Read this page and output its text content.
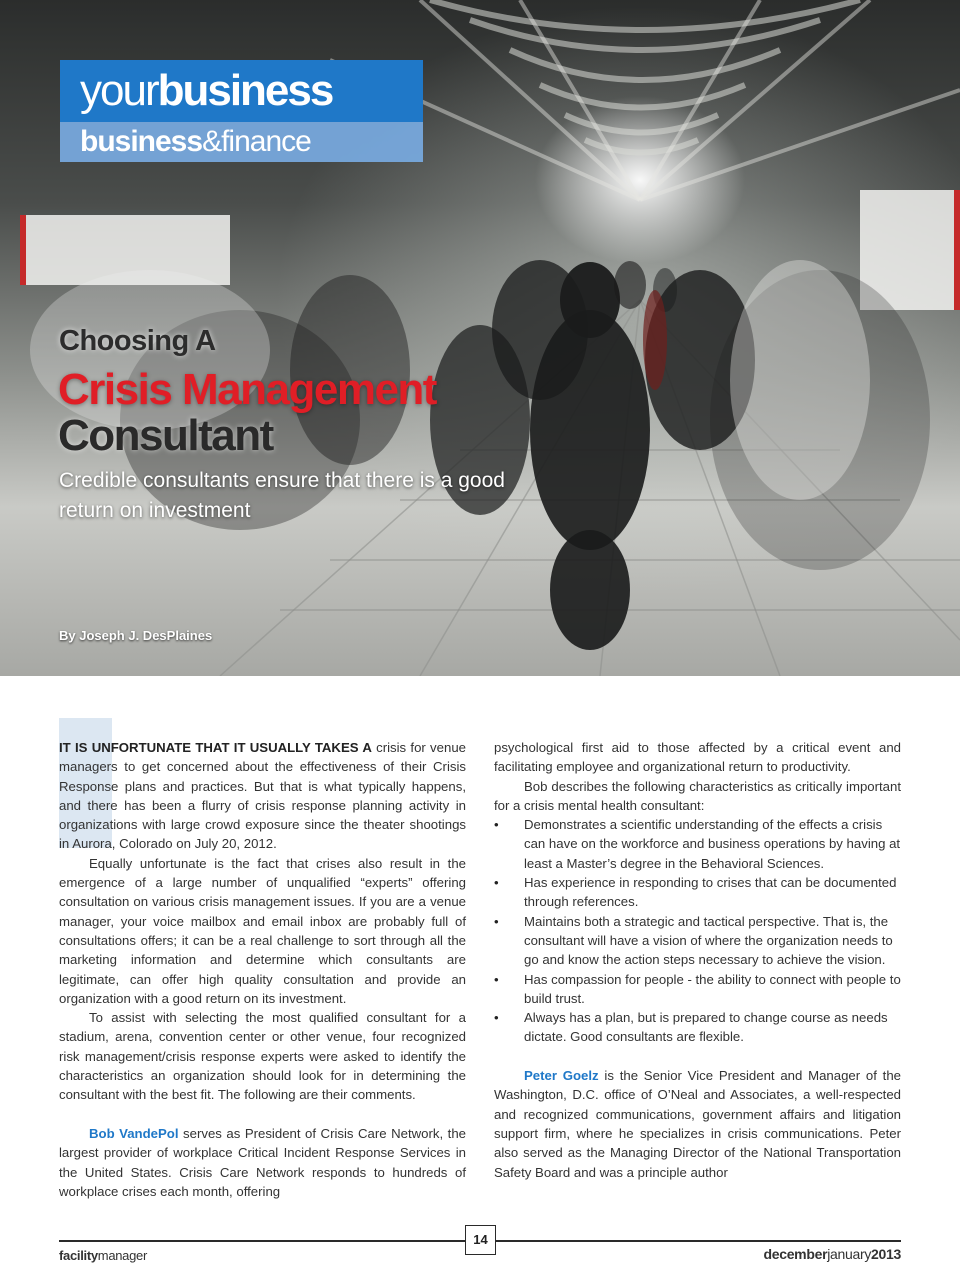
yourbusiness
business&finance
Choosing A
Crisis Management
Consultant
Credible consultants ensure that there is a good return on investment
By Joseph J. DesPlaines

IT IS UNFORTUNATE THAT IT USUALLY TAKES A crisis for venue managers to get concerned about the effectiveness of their Crisis Response plans and practices. But that is what typically happens, and there has been a flurry of crisis response planning activity in organizations with large crowd exposure since the theater shootings in Aurora, Colorado on July 20, 2012.

Equally unfortunate is the fact that crises also result in the emergence of a large number of unqualified “experts” offering consultation on various crisis management issues. If you are a venue manager, your voice mailbox and email inbox are probably full of consultations offers; it can be a real challenge to sort through all the marketing information and determine which consultants are legitimate, can offer high quality consultation and provide an organization with a good return on its investment.

To assist with selecting the most qualified consultant for a stadium, arena, convention center or other venue, four recognized risk management/crisis response experts were asked to identify the characteristics an organization should look for in determining the consultant with the best fit. The following are their comments.

Bob VandePol serves as President of Crisis Care Network, the largest provider of workplace Critical Incident Response Services in the United States. Crisis Care Network responds to hundreds of workplace crises each month, offering

psychological first aid to those affected by a critical event and facilitating employee and organizational return to productivity.

Bob describes the following characteristics as critically important for a crisis mental health consultant:

• Demonstrates a scientific understanding of the effects a crisis can have on the workforce and business operations by having at least a Master’s degree in the Behavioral Sciences.
• Has experience in responding to crises that can be documented through references.
• Maintains both a strategic and tactical perspective. That is, the consultant will have a vision of where the organization needs to go and know the action steps necessary to achieve the vision.
• Has compassion for people - the ability to connect with people to build trust.
• Always has a plan, but is prepared to change course as needs dictate. Good consultants are flexible.

Peter Goelz is the Senior Vice President and Manager of the Washington, D.C. office of O’Neal and Associates, a well-respected and recognized communications, government affairs and litigation support firm, where he specializes in crisis communications. Peter also served as the Managing Director of the National Transportation Safety Board and was a principle author

14
facilitymanager	decemberjanuary2013
